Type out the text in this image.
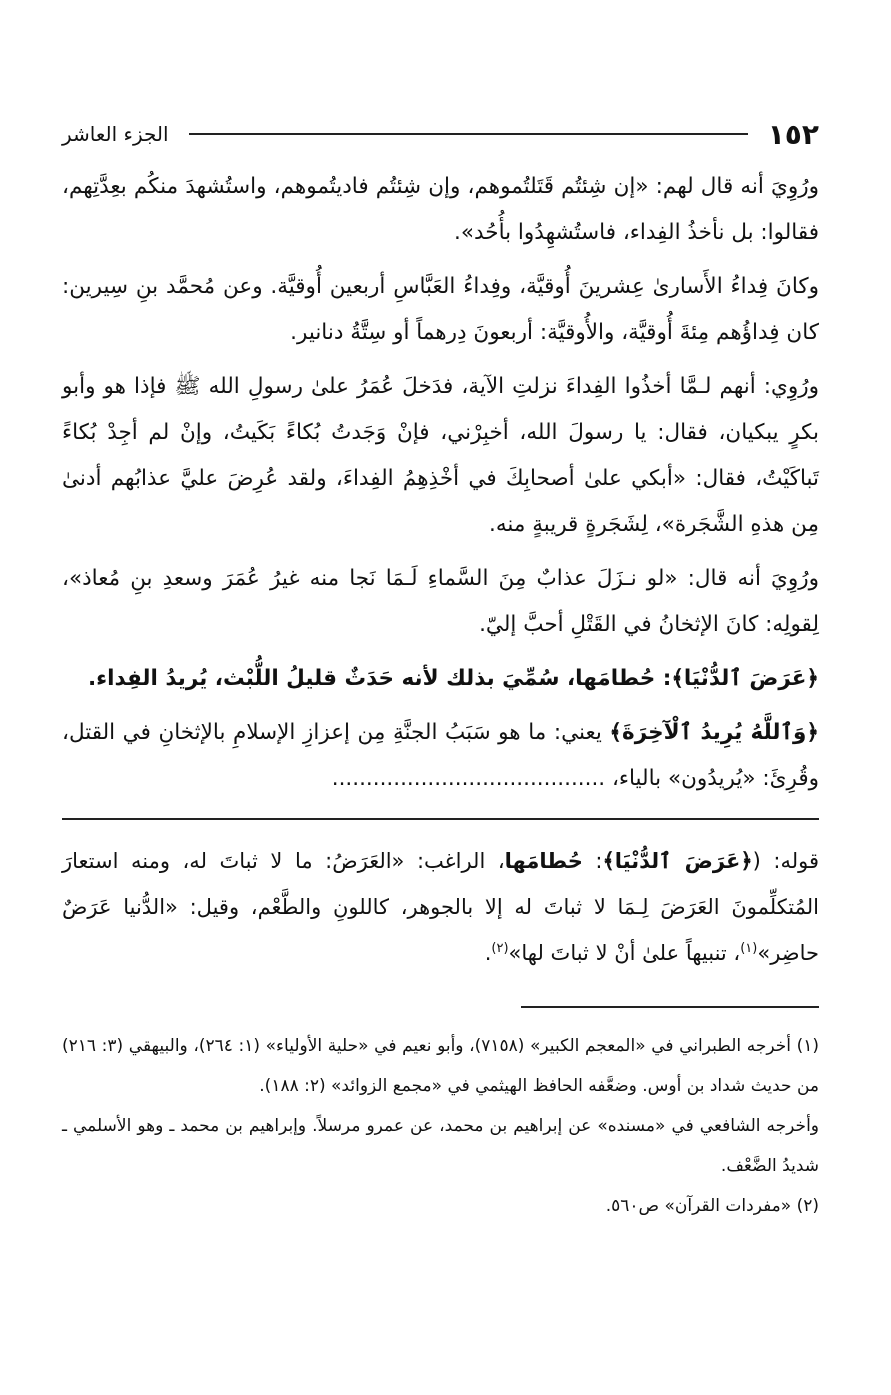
١٥٢
الجزء العاشر

ورُوِيَ أنه قال لهم: «إن شِئتُم قَتَلتُموهم، وإن شِئتُم فاديتُموهم، واستُشهدَ منكُم بعِدَّتِهم، فقالوا: بل نأخذُ الفِداء، فاستُشهِدُوا بأُحُد».

وكانَ فِداءُ الأَسارىٰ عِشرينَ أُوقيَّة، وفِداءُ العَبَّاسِ أربعين أُوقيَّة. وعن مُحمَّد بنِ سِيرين: كان فِداؤُهم مِئةَ أُوقيَّة، والأُوقيَّة: أربعونَ دِرهماً أو سِتَّةُ دنانير.

ورُوِي: أنهم لـمَّا أخذُوا الفِداءَ نزلتِ الآية، فدَخلَ عُمَرُ علىٰ رسولِ الله ﷺ فإذا هو وأبو بكرٍ يبكيان، فقال: يا رسولَ الله، أخبِرْني، فإنْ وَجَدتُ بُكاءً بَكَيتُ، وإنْ لم أجِدْ بُكاءً تَباكَيْتُ، فقال: «أبكي علىٰ أصحابِكَ في أخْذِهِمُ الفِداءَ، ولقد عُرِضَ عليَّ عذابُهم أدنىٰ مِن هذهِ الشَّجَرة»، لِشَجَرةٍ قريبةٍ منه.

ورُوِيَ أنه قال: «لو نـزَلَ عذابٌ مِنَ السَّماءِ لَـمَا نَجا منه غيرُ عُمَرَ وسعدِ بنِ مُعاذ»، لِقولِه: كانَ الإثخانُ في القَتْلِ أحبَّ إليّ.

﴿عَرَضَ ٱلدُّنْيَا﴾: حُطامَها، سُمِّيَ بذلك لأنه حَدَثٌ قليلُ اللُّبْث، يُريدُ الفِداء.

﴿وَٱللَّهُ يُرِيدُ ٱلْآخِرَةَ﴾ يعني: ما هو سَبَبُ الجنَّةِ مِن إعزازِ الإسلامِ بالإثخانِ في القتل، وقُرِئَ: «يُريدُون» بالياء، ........................................

قوله: (﴿عَرَضَ ٱلدُّنْيَا﴾: حُطامَها، الراغب: «العَرَضُ: ما لا ثباتَ له، ومنه استعارَ المُتكلِّمونَ العَرَضَ لِـمَا لا ثباتَ له إلا بالجوهر، كاللونِ والطَّعْم، وقيل: «الدُّنيا عَرَضٌ حاضِر»$^{(١)}$، تنبيهاً علىٰ أنْ لا ثباتَ لها»$^{(٢)}$.

(١) أخرجه الطبراني في «المعجم الكبير» (٧١٥٨)، وأبو نعيم في «حلية الأولياء» (١: ٢٦٤)، والبيهقي (٣: ٢١٦) من حديث شداد بن أوس. وضعَّفه الحافظ الهيثمي في «مجمع الزوائد» (٢: ١٨٨).

وأخرجه الشافعي في «مسنده» عن إبراهيم بن محمد، عن عمرو مرسلاً. وإبراهيم بن محمد ـ وهو الأسلمي ـ شديدُ الضَّعْف.

(٢) «مفردات القرآن» ص٥٦٠.
